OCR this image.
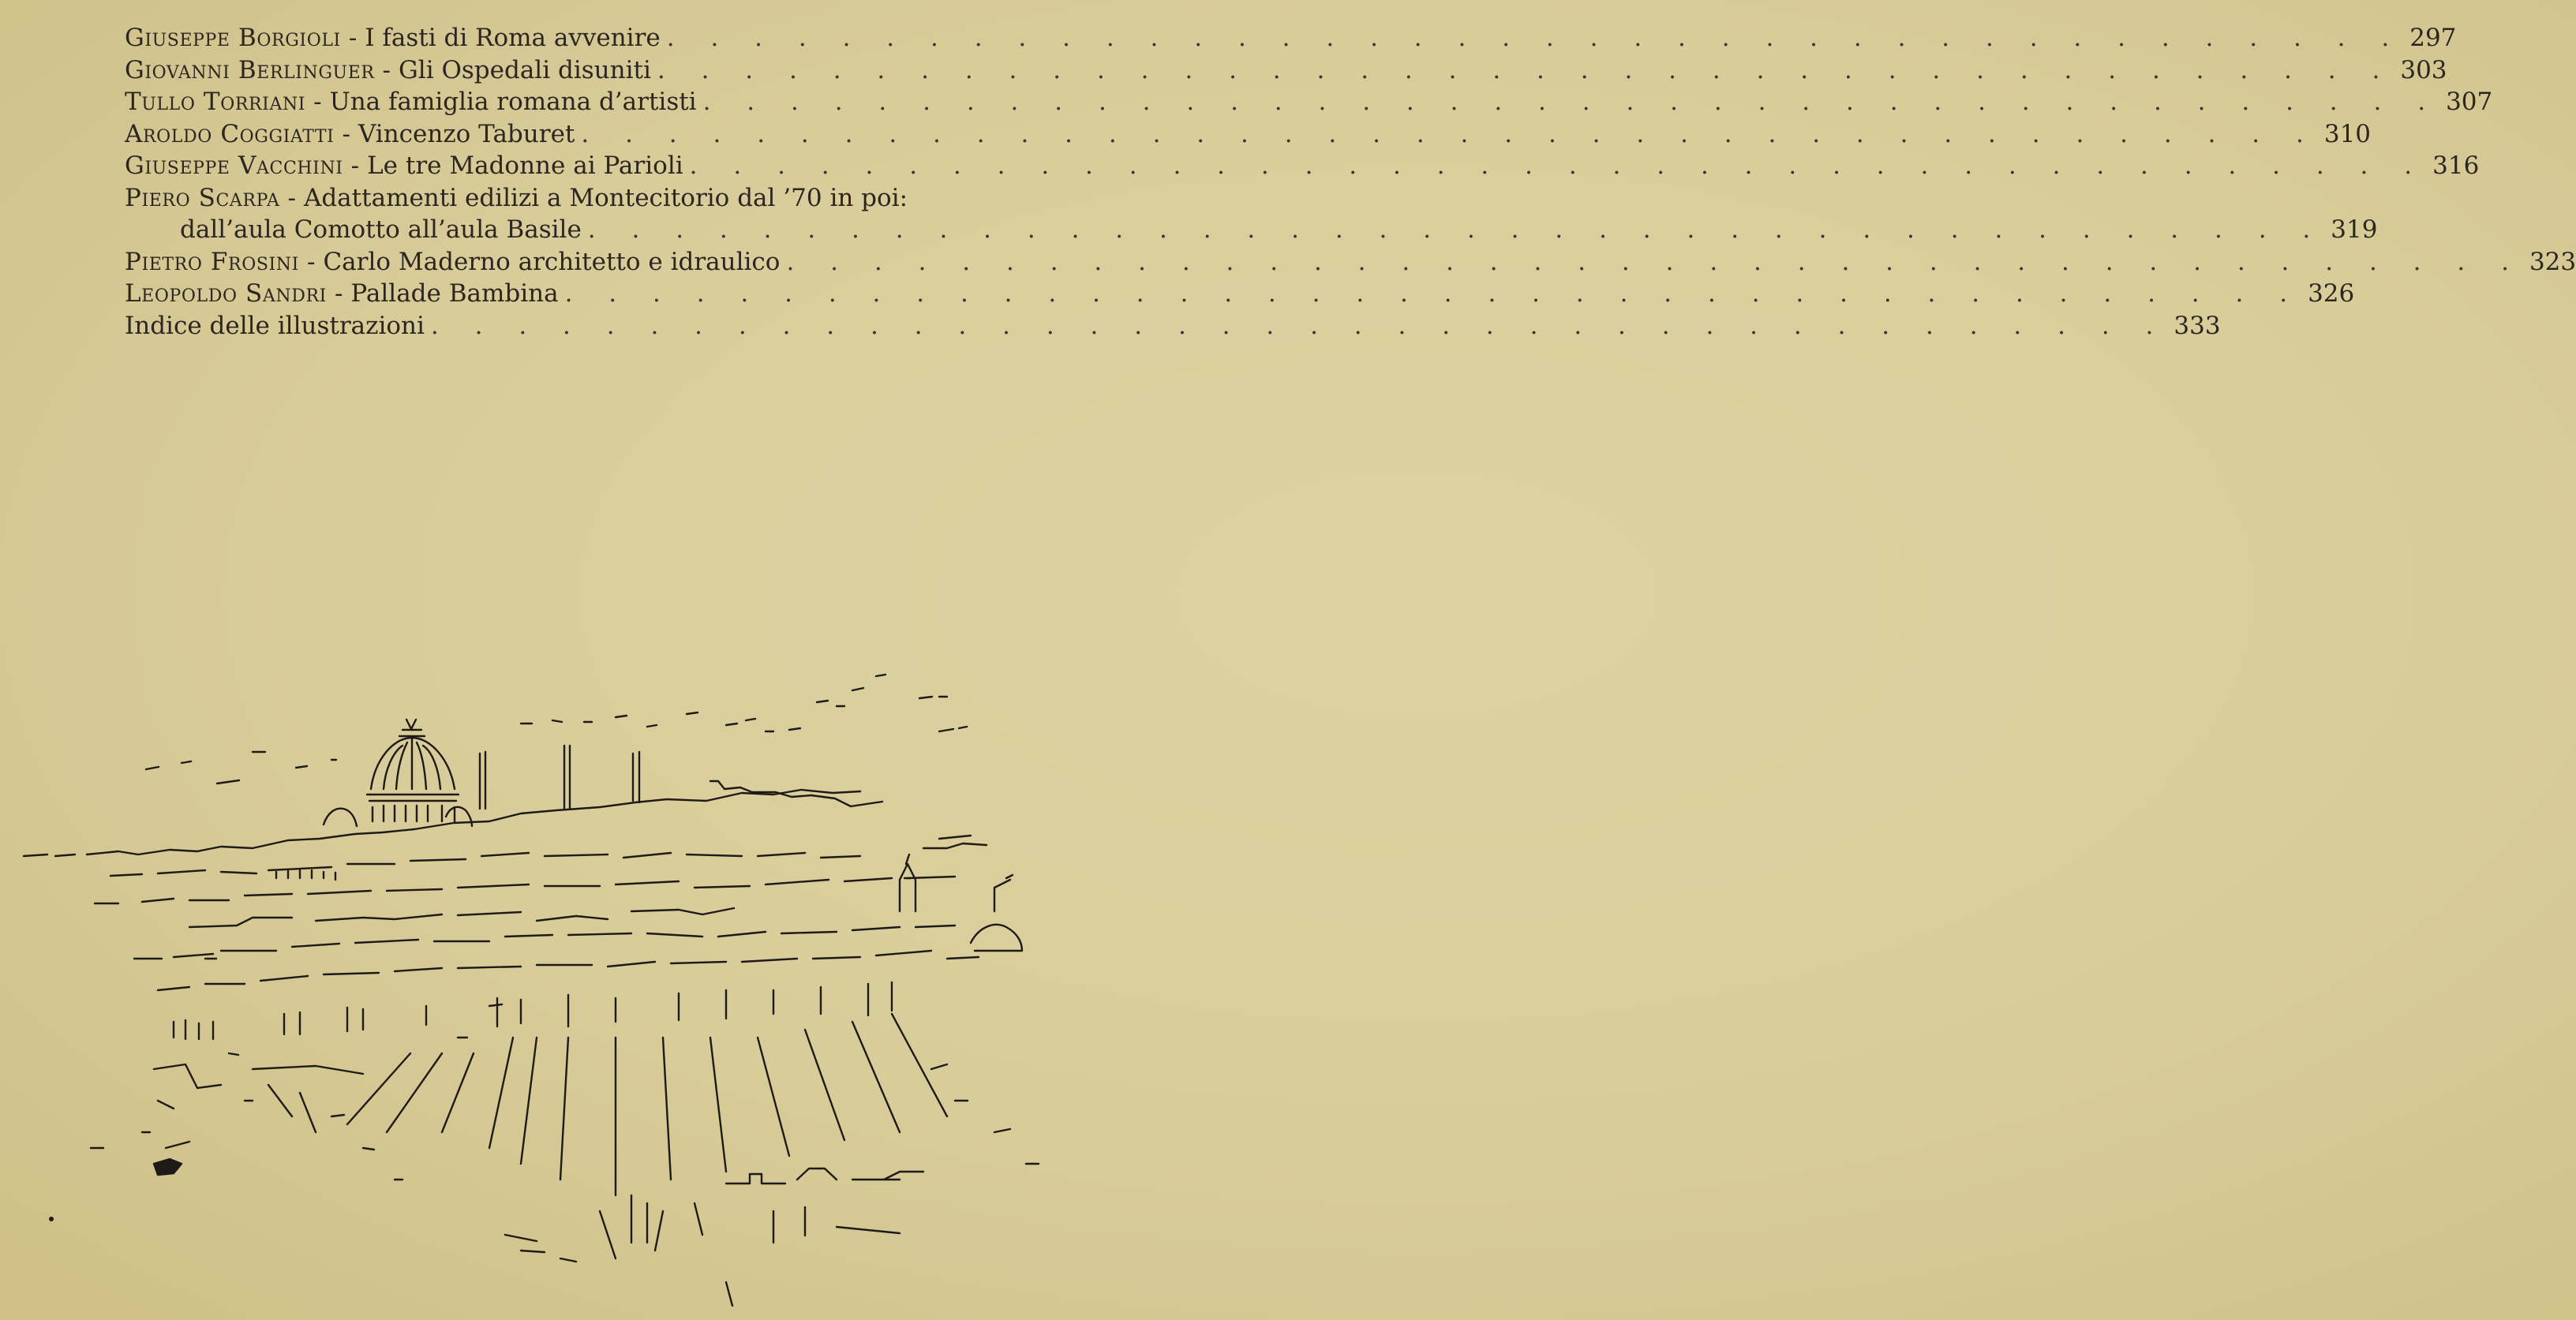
Giuseppe Borgioli - I fasti di Roma avvenire . . .	297
Giovanni Berlinguer - Gli Ospedali disuniti . . .	303
Tullo Torriani - Una famiglia romana d’artisti . . .	307
Aroldo Coggiatti - Vincenzo Taburet . . .	310
Giuseppe Vacchini - Le tre Madonne ai Parioli . . .	316
Piero Scarpa - Adattamenti edilizi a Montecitorio dal ’70 in poi:
dall’aula Comotto all’aula Basile . . .	319
Pietro Frosini - Carlo Maderno architetto e idraulico . . .	323
Leopoldo Sandri - Pallade Bambina . . .	326
Indice delle illustrazioni . . .	333
